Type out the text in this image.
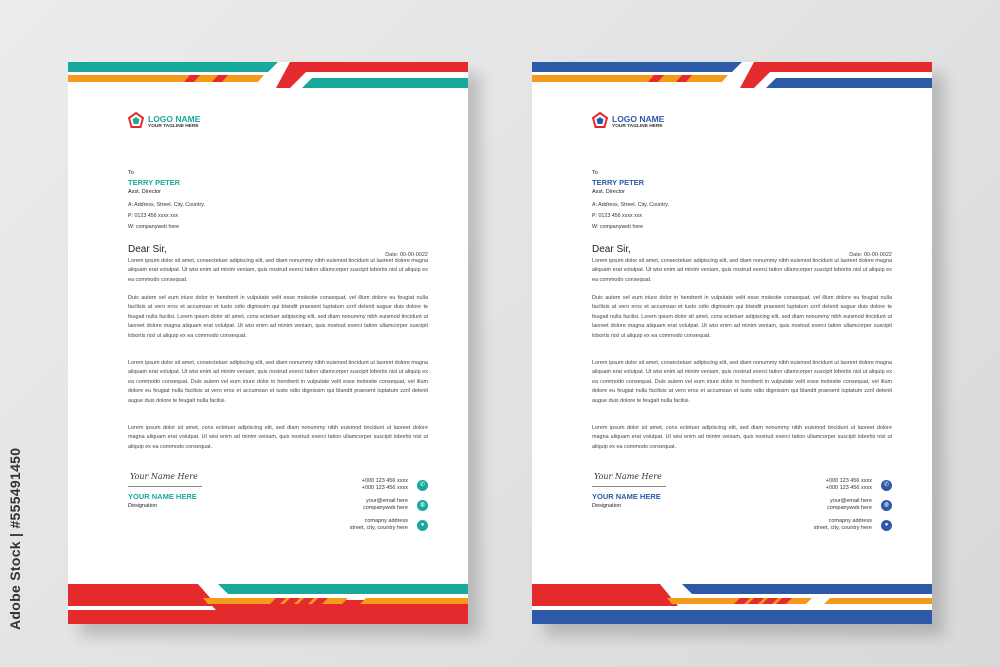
Adobe Stock | #555491450
LOGO NAME
YOUR TAGLINE HERE
To
TERRY PETER
Asst. Director
A: Address, Street, City, Country.
P: 0123 456 xxxx xxx
W: companyweb here
Date: 00-00-0022
Dear Sir,

Lorem ipsum dolor sit amet, consectetuer adipiscing elit, sed diam nonummy nibh euismod tincidunt ut laoreet dolore magna aliquam erat volutpat. Ut wisi enim ad minim veniam, quis nostrud exerci tation ullamcorper suscipit lobortis nisl ut aliquip ex ea commodo consequat.

Duis autem vel eum iriure dolor in hendrerit in vulputate velit esse molestie consequat, vel illum dolore eu feugiat nulla facilisis at vero eros et accumsan et iusto odio dignissim qui blandit praesent luptatum zzril delenit augue duis dolore te feugait nulla facilisi. Lorem ipsum dolor sit amet, cons ectetuer adipiscing elit, sed diam nonummy nibh euismod tincidunt ut laoreet dolore magna aliquam erat volutpat. Ut wisi enim ad minim veniam, quis nostrud exerci tation ullamcorper suscipit lobortis nisl ut aliquip ex ea commodo consequat.

Lorem ipsum dolor sit amet, consectetuer adipiscing elit, sed diam nonummy nibh euismod tincidunt ut laoreet dolore magna aliquam erat volutpat. Ut wisi enim ad minim veniam, quis nostrud exerci tation ullamcorper suscipit lobortis nisl ut aliquip ex ea commodo consequat. Duis autem vel eum iriure dolor in hendrerit in vulputate velit esse molestie consequat, vel illum dolore eu feugiat nulla facilisis at vero eros et accumsan et iusto odio dignissim qui blandit praesent luptatum zzril delenit augue duis dolore te feugait nulla facilisi.

Lorem ipsum dolor sit amet, cons ectetuer adipiscing elit, sed diam nonummy nibh euismod tincidunt ut laoreet dolore magna aliquam erat volutpat. Ut wisi enim ad minim veniam, quis nostrud exerci tation ullamcorper suscipit lobortis nisl ut aliquip ex ea commodo consequat.

Your Name Here
YOUR NAME HERE
Designation
+000 123 456 xxxx
+000 123 456 xxxx	✆
your@email here
companyweb here	◍
comapny address
street, city, country here	●
LOGO NAME
YOUR TAGLINE HERE
To
TERRY PETER
Asst. Director
A: Address, Street, City, Country.
P: 0123 456 xxxx xxx
W: companyweb here
Date: 00-00-0022
Dear Sir,

Lorem ipsum dolor sit amet, consectetuer adipiscing elit, sed diam nonummy nibh euismod tincidunt ut laoreet dolore magna aliquam erat volutpat. Ut wisi enim ad minim veniam, quis nostrud exerci tation ullamcorper suscipit lobortis nisl ut aliquip ex ea commodo consequat.

Duis autem vel eum iriure dolor in hendrerit in vulputate velit esse molestie consequat, vel illum dolore eu feugiat nulla facilisis at vero eros et accumsan et iusto odio dignissim qui blandit praesent luptatum zzril delenit augue duis dolore te feugait nulla facilisi. Lorem ipsum dolor sit amet, cons ectetuer adipiscing elit, sed diam nonummy nibh euismod tincidunt ut laoreet dolore magna aliquam erat volutpat. Ut wisi enim ad minim veniam, quis nostrud exerci tation ullamcorper suscipit lobortis nisl ut aliquip ex ea commodo consequat.

Lorem ipsum dolor sit amet, consectetuer adipiscing elit, sed diam nonummy nibh euismod tincidunt ut laoreet dolore magna aliquam erat volutpat. Ut wisi enim ad minim veniam, quis nostrud exerci tation ullamcorper suscipit lobortis nisl ut aliquip ex ea commodo consequat. Duis autem vel eum iriure dolor in hendrerit in vulputate velit esse molestie consequat, vel illum dolore eu feugiat nulla facilisis at vero eros et accumsan et iusto odio dignissim qui blandit praesent luptatum zzril delenit augue duis dolore te feugait nulla facilisi.

Lorem ipsum dolor sit amet, cons ectetuer adipiscing elit, sed diam nonummy nibh euismod tincidunt ut laoreet dolore magna aliquam erat volutpat. Ut wisi enim ad minim veniam, quis nostrud exerci tation ullamcorper suscipit lobortis nisl ut aliquip ex ea commodo consequat.

Your Name Here
YOUR NAME HERE
Designation
+000 123 456 xxxx
+000 123 456 xxxx	✆
your@email here
companyweb here	◍
comapny address
street, city, country here	●
